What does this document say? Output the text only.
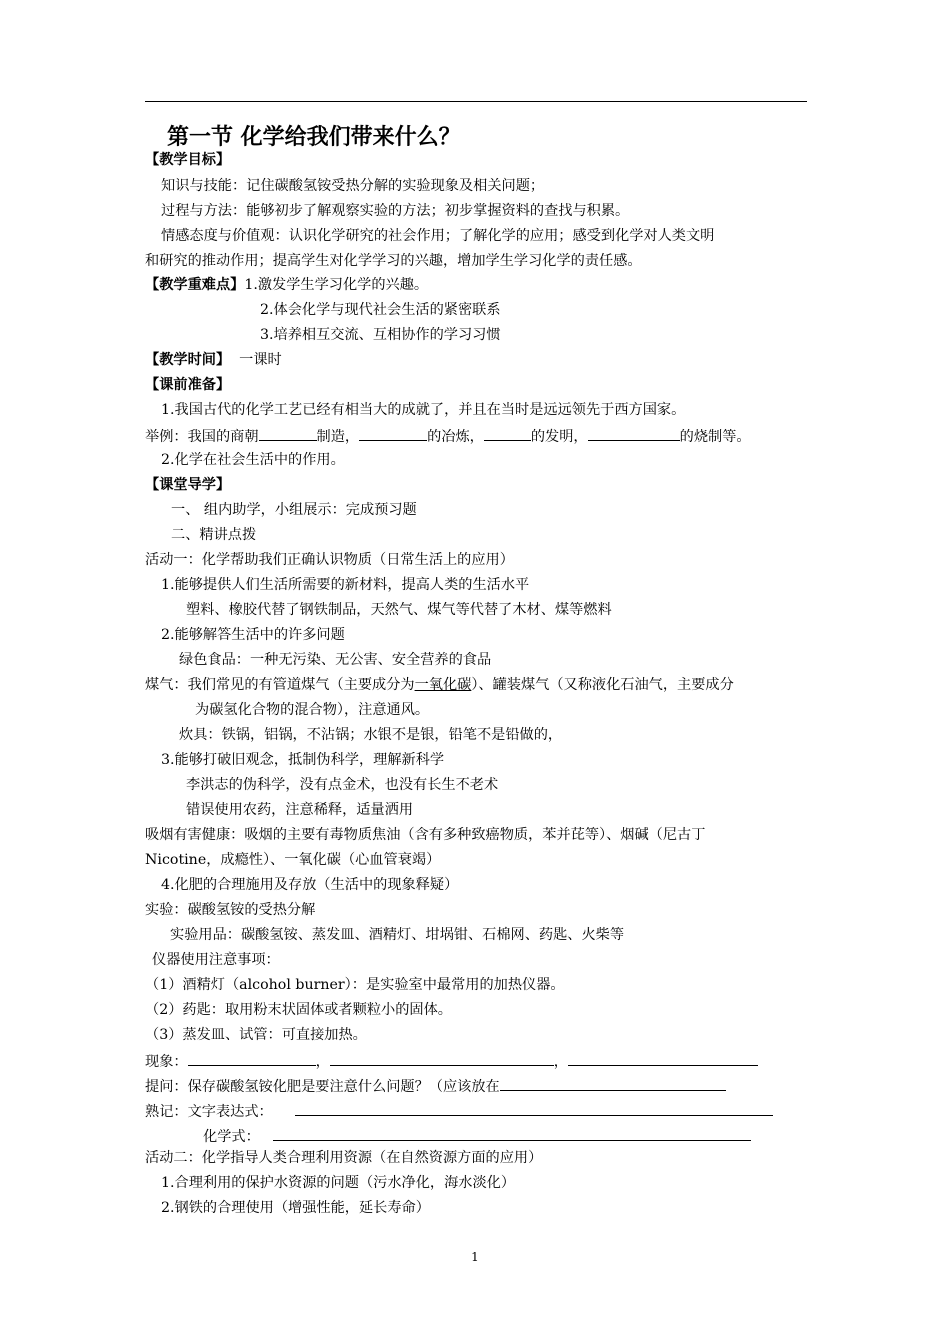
第一节 化学给我们带来什么？
【教学目标】
知识与技能：记住碳酸氢铵受热分解的实验现象及相关问题；
过程与方法：能够初步了解观察实验的方法；初步掌握资料的查找与积累。
情感态度与价值观：认识化学研究的社会作用；了解化学的应用；感受到化学对人类文明
和研究的推动作用；提高学生对化学学习的兴趣，增加学生学习化学的责任感。
【教学重难点】1.激发学生学习化学的兴趣。
2.体会化学与现代社会生活的紧密联系
3.培养相互交流、互相协作的学习习惯
【教学时间】 一课时
【课前准备】
1.我国古代的化学工艺已经有相当大的成就了，并且在当时是远远领先于西方国家。
举例：我国的商朝	制造，	的冶炼，	的发明，	的烧制等。
2.化学在社会生活中的作用。
【课堂导学】
一、 组内助学，小组展示：完成预习题
二、精讲点拨
活动一：化学帮助我们正确认识物质（日常生活上的应用）
1.能够提供人们生活所需要的新材料，提高人类的生活水平
塑料、橡胶代替了钢铁制品，天然气、煤气等代替了木材、煤等燃料
2.能够解答生活中的许多问题
绿色食品：一种无污染、无公害、安全营养的食品
煤气：我们常见的有管道煤气（主要成分为一氧化碳）、罐装煤气（又称液化石油气，主要成分
为碳氢化合物的混合物），注意通风。
炊具：铁锅，铝锅，不沾锅；水银不是银，铅笔不是铅做的，
3.能够打破旧观念，抵制伪科学，理解新科学
李洪志的伪科学，没有点金术，也没有长生不老术
错误使用农药，注意稀释，适量洒用
吸烟有害健康：吸烟的主要有毒物质焦油（含有多种致癌物质，苯并芘等）、烟碱（尼古丁
Nicotine，成瘾性）、一氧化碳（心血管衰竭）
4.化肥的合理施用及存放（生活中的现象释疑）
实验：碳酸氢铵的受热分解
实验用品：碳酸氢铵、蒸发皿、酒精灯、坩埚钳、石棉网、药匙、火柴等
仪器使用注意事项：
（1）酒精灯（alcohol burner）：是实验室中最常用的加热仪器。
（2）药匙：取用粉末状固体或者颗粒小的固体。
（3）蒸发皿、试管：可直接加热。
现象：	，	，
提问：保存碳酸氢铵化肥是要注意什么问题？（应该放在
熟记：文字表达式：
化学式：
活动二：化学指导人类合理利用资源（在自然资源方面的应用）
1.合理利用的保护水资源的问题（污水净化，海水淡化）
2.钢铁的合理使用（增强性能，延长寿命）
1
